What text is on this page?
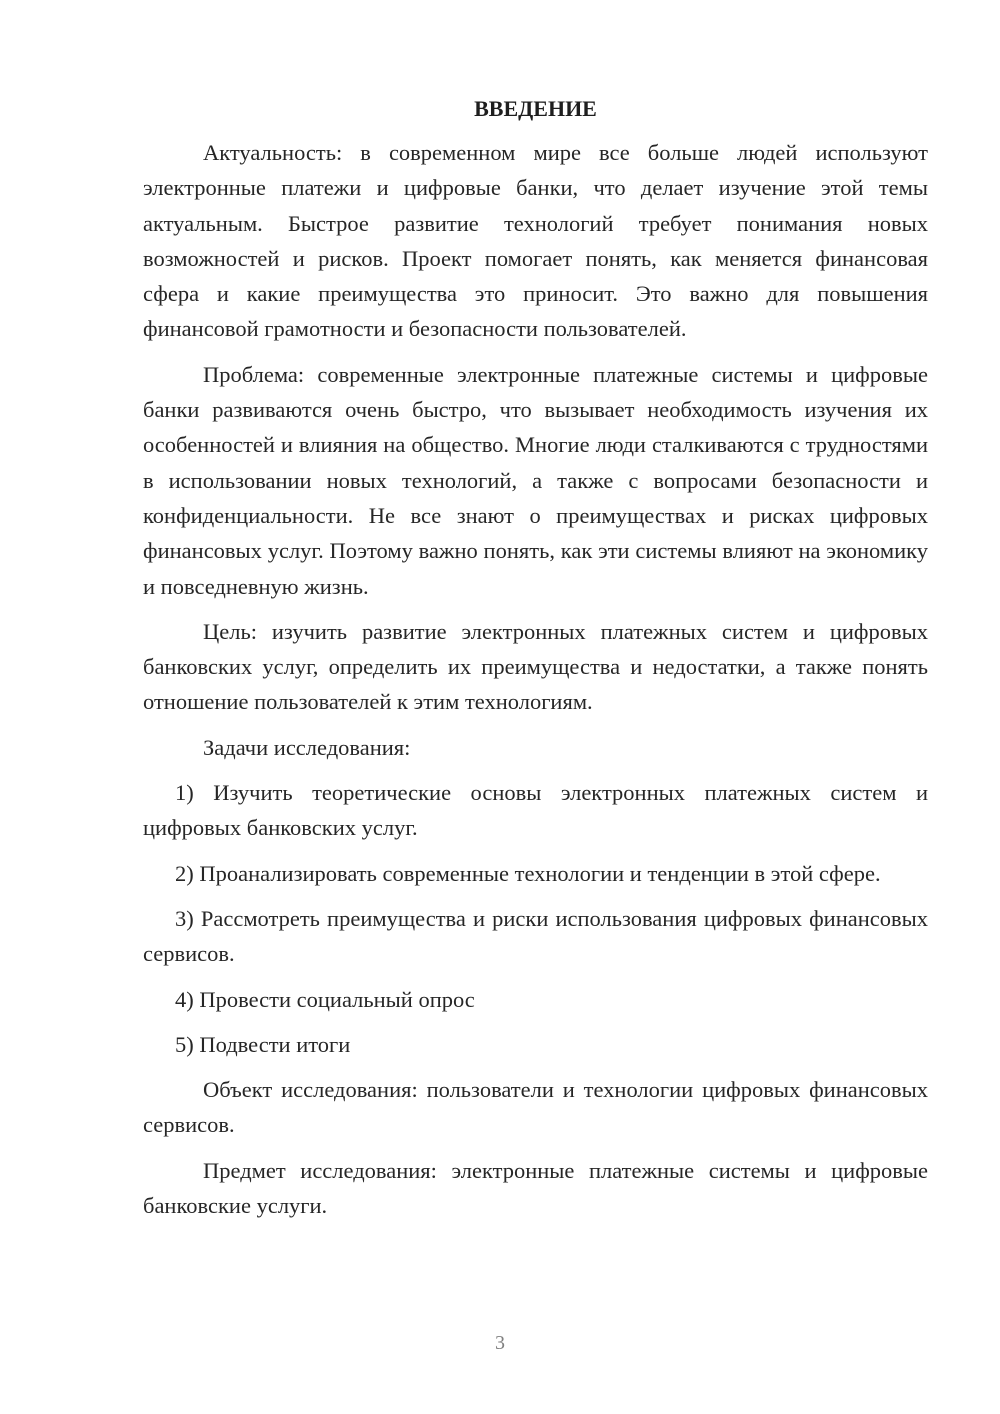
ВВЕДЕНИЕ

Актуальность: в современном мире все больше людей используют электронные платежи и цифровые банки, что делает изучение этой темы актуальным. Быстрое развитие технологий требует понимания новых возможностей и рисков. Проект помогает понять, как меняется финансовая сфера и какие преимущества это приносит. Это важно для повышения финансовой грамотности и безопасности пользователей.

Проблема: современные электронные платежные системы и цифровые банки развиваются очень быстро, что вызывает необходимость изучения их особенностей и влияния на общество. Многие люди сталкиваются с трудностями в использовании новых технологий, а также с вопросами безопасности и конфиденциальности. Не все знают о преимуществах и рисках цифровых финансовых услуг. Поэтому важно понять, как эти системы влияют на экономику и повседневную жизнь.

Цель: изучить развитие электронных платежных систем и цифровых банковских услуг, определить их преимущества и недостатки, а также понять отношение пользователей к этим технологиям.

Задачи исследования:

1) Изучить теоретические основы электронных платежных систем и цифровых банковских услуг.

2) Проанализировать современные технологии и тенденции в этой сфере.

3) Рассмотреть преимущества и риски использования цифровых финансовых сервисов.

4) Провести социальный опрос

5) Подвести итоги

Объект исследования: пользователи и технологии цифровых финансовых сервисов.

Предмет исследования: электронные платежные системы и цифровые банковские услуги.

3
